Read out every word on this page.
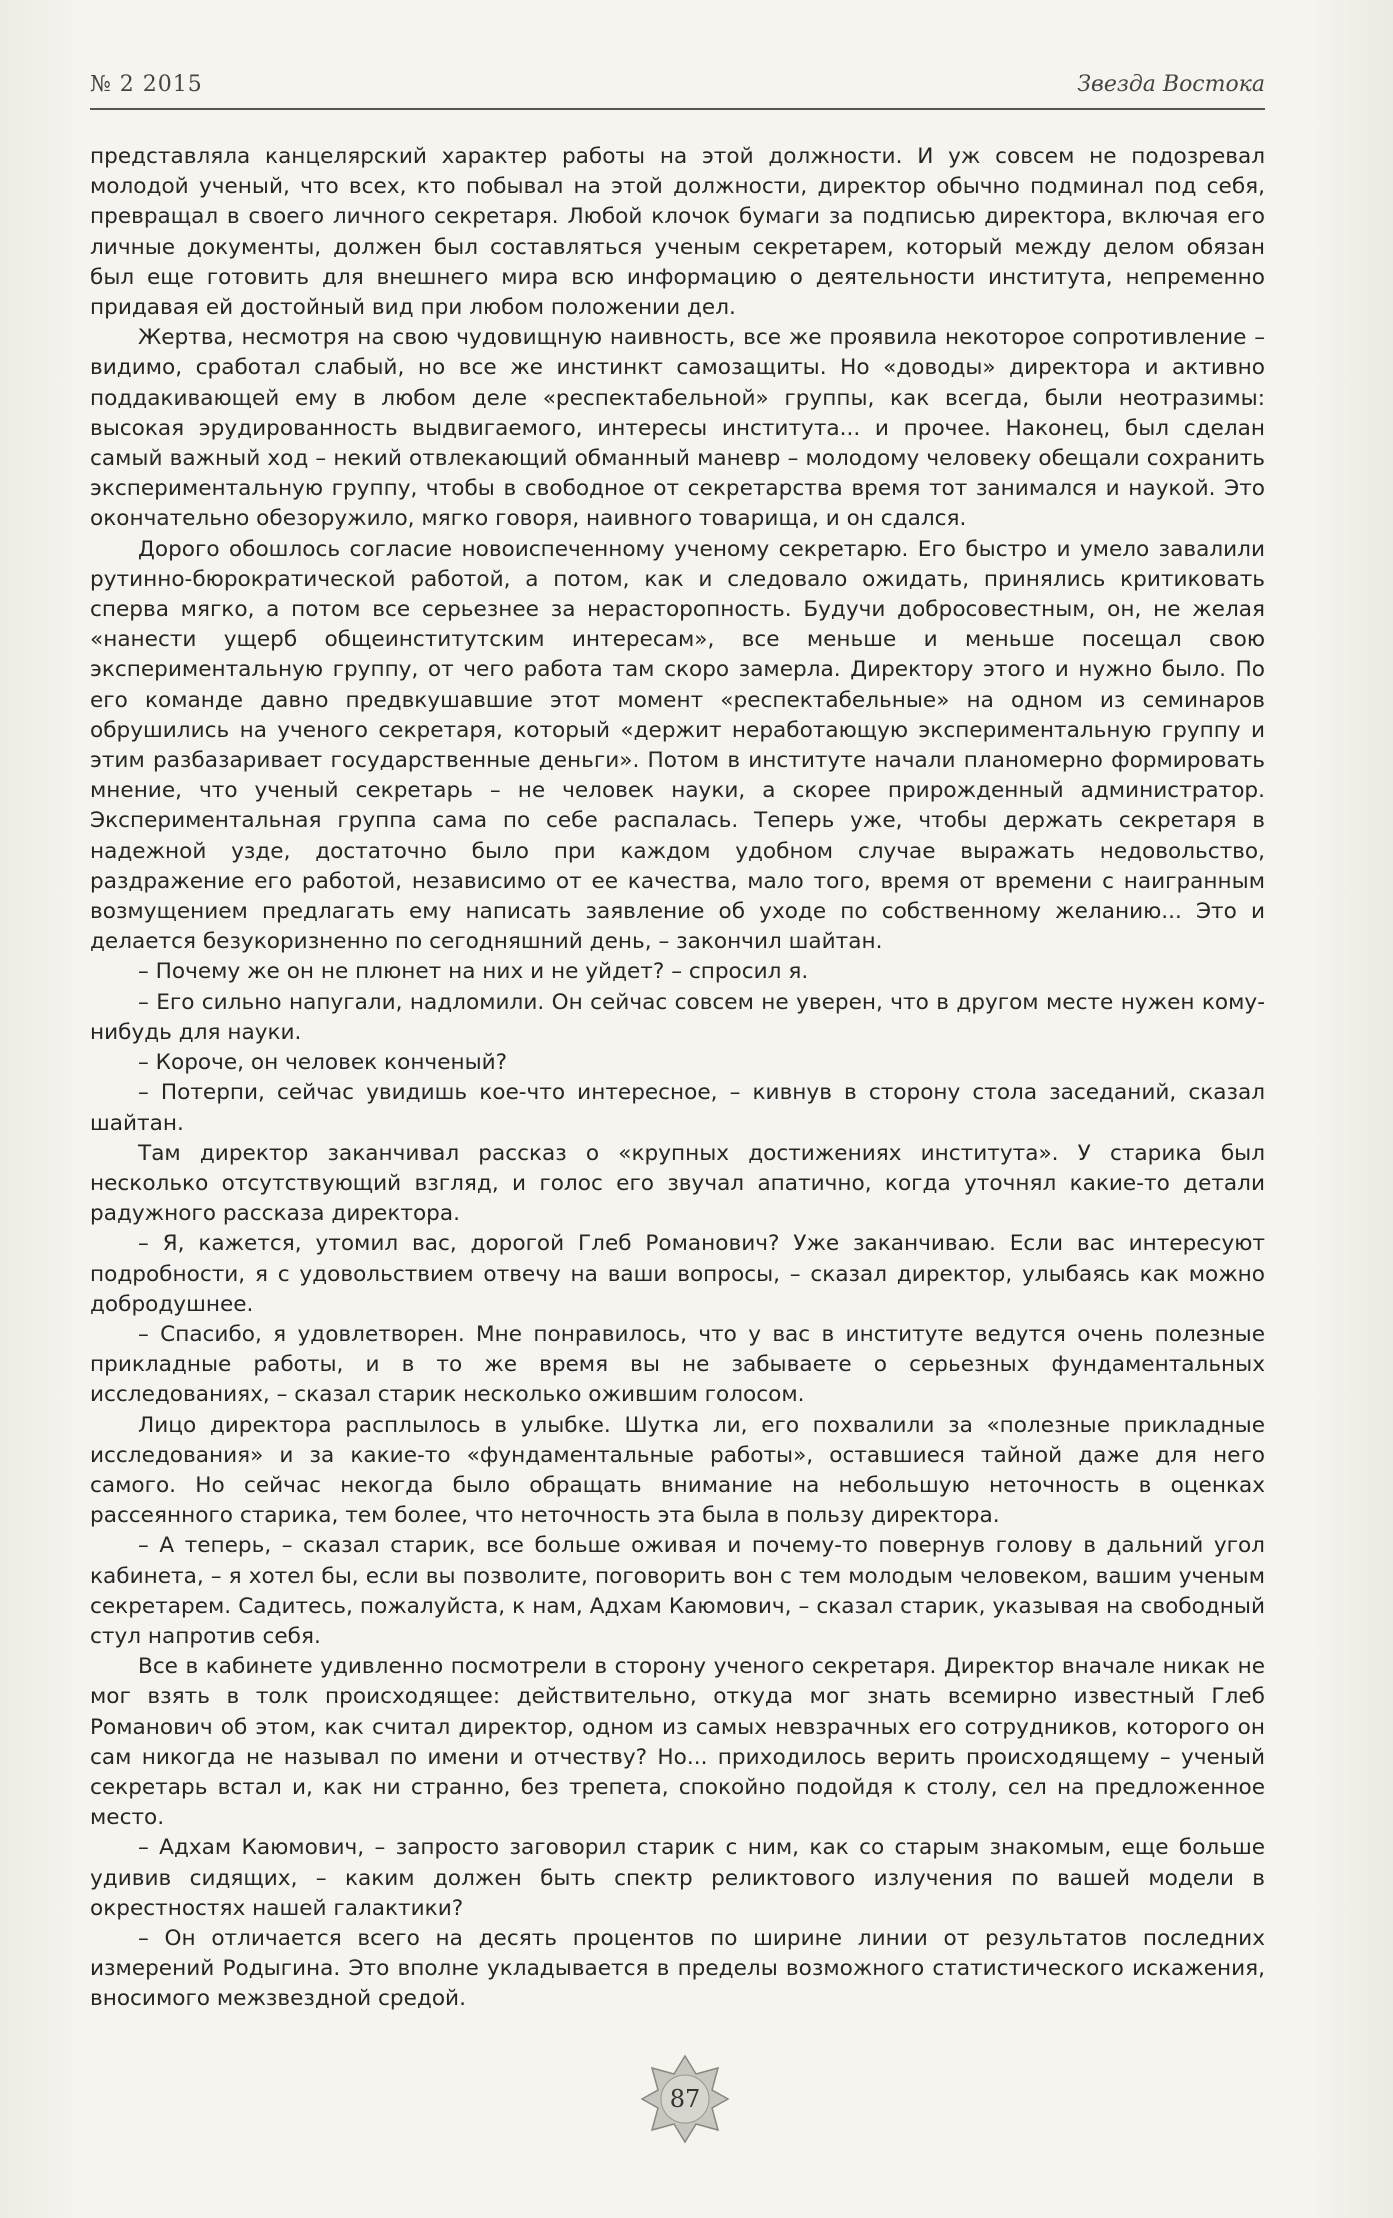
№ 2 2015	Звезда Востока

представляла канцелярский характер работы на этой должности. И уж совсем не подозревал молодой ученый, что всех, кто побывал на этой должности, директор обычно подминал под себя, превращал в своего личного секретаря. Любой клочок бумаги за подписью директора, включая его личные документы, должен был составляться ученым секретарем, который между делом обязан был еще готовить для внешнего мира всю информацию о деятельности института, непременно придавая ей достойный вид при любом положении дел.

Жертва, несмотря на свою чудовищную наивность, все же проявила некоторое сопротивление – видимо, сработал слабый, но все же инстинкт самозащиты. Но «доводы» директора и активно поддакивающей ему в любом деле «респектабельной» группы, как всегда, были неотразимы: высокая эрудированность выдвигаемого, интересы института... и прочее. Наконец, был сделан самый важный ход – некий отвлекающий обманный маневр – молодому человеку обещали сохранить экспериментальную группу, чтобы в свободное от секретарства время тот занимался и наукой. Это окончательно обезоружило, мягко говоря, наивного товарища, и он сдался.

Дорого обошлось согласие новоиспеченному ученому секретарю. Его быстро и умело завалили рутинно-бюрократической работой, а потом, как и следовало ожидать, принялись критиковать сперва мягко, а потом все серьезнее за нерасторопность. Будучи добросовестным, он, не желая «нанести ущерб общеинститутским интересам», все меньше и меньше посещал свою экспериментальную группу, от чего работа там скоро замерла. Директору этого и нужно было. По его команде давно предвкушавшие этот момент «респектабельные» на одном из семинаров обрушились на ученого секретаря, который «держит неработающую экспериментальную группу и этим разбазаривает государственные деньги». Потом в институте начали планомерно формировать мнение, что ученый секретарь – не человек науки, а скорее прирожденный администратор. Экспериментальная группа сама по себе распалась. Теперь уже, чтобы держать секретаря в надежной узде, достаточно было при каждом удобном случае выражать недовольство, раздражение его работой, независимо от ее качества, мало того, время от времени с наигранным возмущением предлагать ему написать заявление об уходе по собственному желанию... Это и делается безукоризненно по сегодняшний день, – закончил шайтан.

– Почему же он не плюнет на них и не уйдет? – спросил я.

– Его сильно напугали, надломили. Он сейчас совсем не уверен, что в другом месте нужен кому-нибудь для науки.

– Короче, он человек конченый?

– Потерпи, сейчас увидишь кое-что интересное, – кивнув в сторону стола заседаний, сказал шайтан.

Там директор заканчивал рассказ о «крупных достижениях института». У старика был несколько отсутствующий взгляд, и голос его звучал апатично, когда уточнял какие-то детали радужного рассказа директора.

– Я, кажется, утомил вас, дорогой Глеб Романович? Уже заканчиваю. Если вас интересуют подробности, я с удовольствием отвечу на ваши вопросы, – сказал директор, улыбаясь как можно добродушнее.

– Спасибо, я удовлетворен. Мне понравилось, что у вас в институте ведутся очень полезные прикладные работы, и в то же время вы не забываете о серьезных фундаментальных исследованиях, – сказал старик несколько ожившим голосом.

Лицо директора расплылось в улыбке. Шутка ли, его похвалили за «полезные прикладные исследования» и за какие-то «фундаментальные работы», оставшиеся тайной даже для него самого. Но сейчас некогда было обращать внимание на небольшую неточность в оценках рассеянного старика, тем более, что неточность эта была в пользу директора.

– А теперь, – сказал старик, все больше оживая и почему-то повернув голову в дальний угол кабинета, – я хотел бы, если вы позволите, поговорить вон с тем молодым человеком, вашим ученым секретарем. Садитесь, пожалуйста, к нам, Адхам Каюмович, – сказал старик, указывая на свободный стул напротив себя.

Все в кабинете удивленно посмотрели в сторону ученого секретаря. Директор вначале никак не мог взять в толк происходящее: действительно, откуда мог знать всемирно известный Глеб Романович об этом, как считал директор, одном из самых невзрачных его сотрудников, которого он сам никогда не называл по имени и отчеству? Но... приходилось верить происходящему – ученый секретарь встал и, как ни странно, без трепета, спокойно подойдя к столу, сел на предложенное место.

– Адхам Каюмович, – запросто заговорил старик с ним, как со старым знакомым, еще больше удивив сидящих, – каким должен быть спектр реликтового излучения по вашей модели в окрестностях нашей галактики?

– Он отличается всего на десять процентов по ширине линии от результатов последних измерений Родыгина. Это вполне укладывается в пределы возможного статистического искажения, вносимого межзвездной средой.

87
